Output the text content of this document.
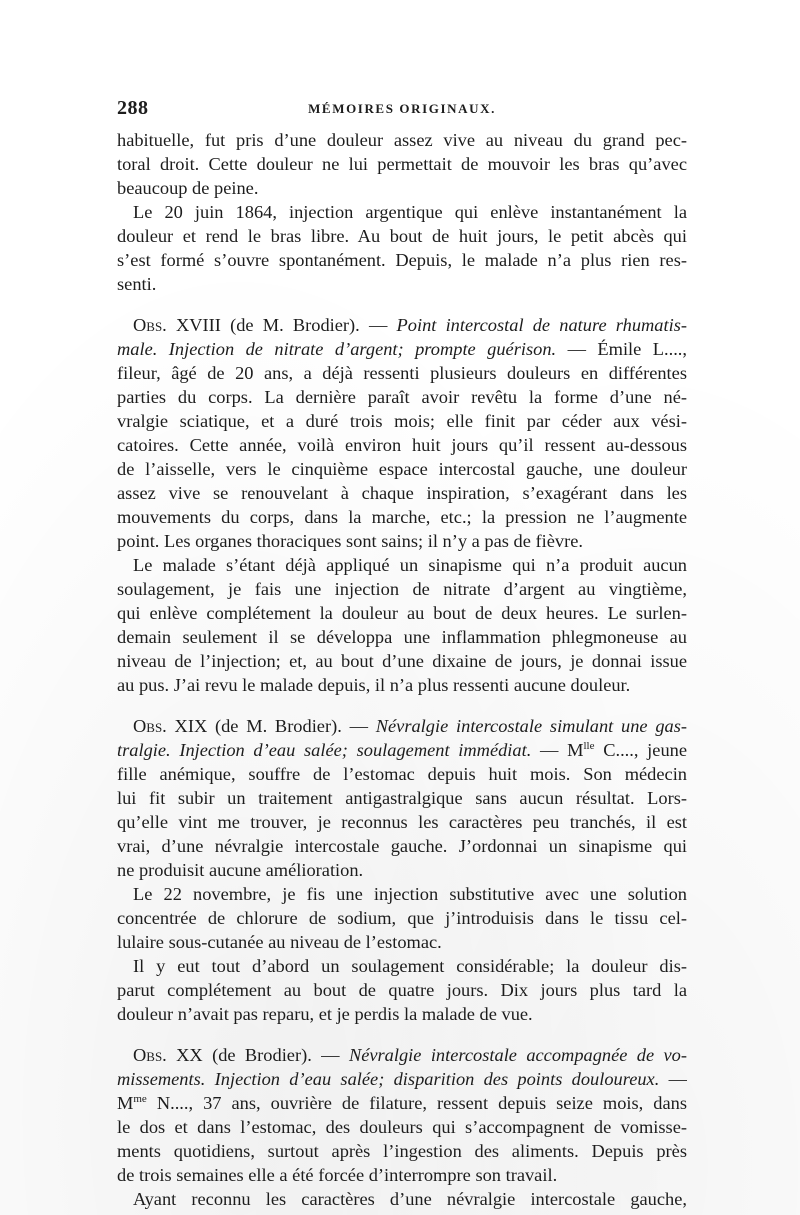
288	MÉMOIRES ORIGINAUX.
habituelle, fut pris d’une douleur assez vive au niveau du grand pec-
toral droit. Cette douleur ne lui permettait de mouvoir les bras qu’avec
beaucoup de peine.
Le 20 juin 1864, injection argentique qui enlève instantanément la
douleur et rend le bras libre. Au bout de huit jours, le petit abcès qui
s’est formé s’ouvre spontanément. Depuis, le malade n’a plus rien res-
senti.
Obs. XVIII (de M. Brodier). — Point intercostal de nature rhumatis-
male. Injection de nitrate d’argent; prompte guérison. — Émile L....,
fileur, âgé de 20 ans, a déjà ressenti plusieurs douleurs en différentes
parties du corps. La dernière paraît avoir revêtu la forme d’une né-
vralgie sciatique, et a duré trois mois; elle finit par céder aux vési-
catoires. Cette année, voilà environ huit jours qu’il ressent au-dessous
de l’aisselle, vers le cinquième espace intercostal gauche, une douleur
assez vive se renouvelant à chaque inspiration, s’exagérant dans les
mouvements du corps, dans la marche, etc.; la pression ne l’augmente
point. Les organes thoraciques sont sains; il n’y a pas de fièvre.
Le malade s’étant déjà appliqué un sinapisme qui n’a produit aucun
soulagement, je fais une injection de nitrate d’argent au vingtième,
qui enlève complétement la douleur au bout de deux heures. Le surlen-
demain seulement il se développa une inflammation phlegmoneuse au
niveau de l’injection; et, au bout d’une dixaine de jours, je donnai issue
au pus. J’ai revu le malade depuis, il n’a plus ressenti aucune douleur.
Obs. XIX (de M. Brodier). — Névralgie intercostale simulant une gas-
tralgie. Injection d’eau salée; soulagement immédiat. — $M^{lle}$ C...., jeune
fille anémique, souffre de l’estomac depuis huit mois. Son médecin
lui fit subir un traitement antigastralgique sans aucun résultat. Lors-
qu’elle vint me trouver, je reconnus les caractères peu tranchés, il est
vrai, d’une névralgie intercostale gauche. J’ordonnai un sinapisme qui
ne produisit aucune amélioration.
Le 22 novembre, je fis une injection substitutive avec une solution
concentrée de chlorure de sodium, que j’introduisis dans le tissu cel-
lulaire sous-cutanée au niveau de l’estomac.
Il y eut tout d’abord un soulagement considérable; la douleur dis-
parut complétement au bout de quatre jours. Dix jours plus tard la
douleur n’avait pas reparu, et je perdis la malade de vue.
Obs. XX (de Brodier). — Névralgie intercostale accompagnée de vo-
missements. Injection d’eau salée; disparition des points douloureux. —
$M^{me}$ N...., 37 ans, ouvrière de filature, ressent depuis seize mois, dans
le dos et dans l’estomac, des douleurs qui s’accompagnent de vomisse-
ments quotidiens, surtout après l’ingestion des aliments. Depuis près
de trois semaines elle a été forcée d’interrompre son travail.
Ayant reconnu les caractères d’une névralgie intercostale gauche,
